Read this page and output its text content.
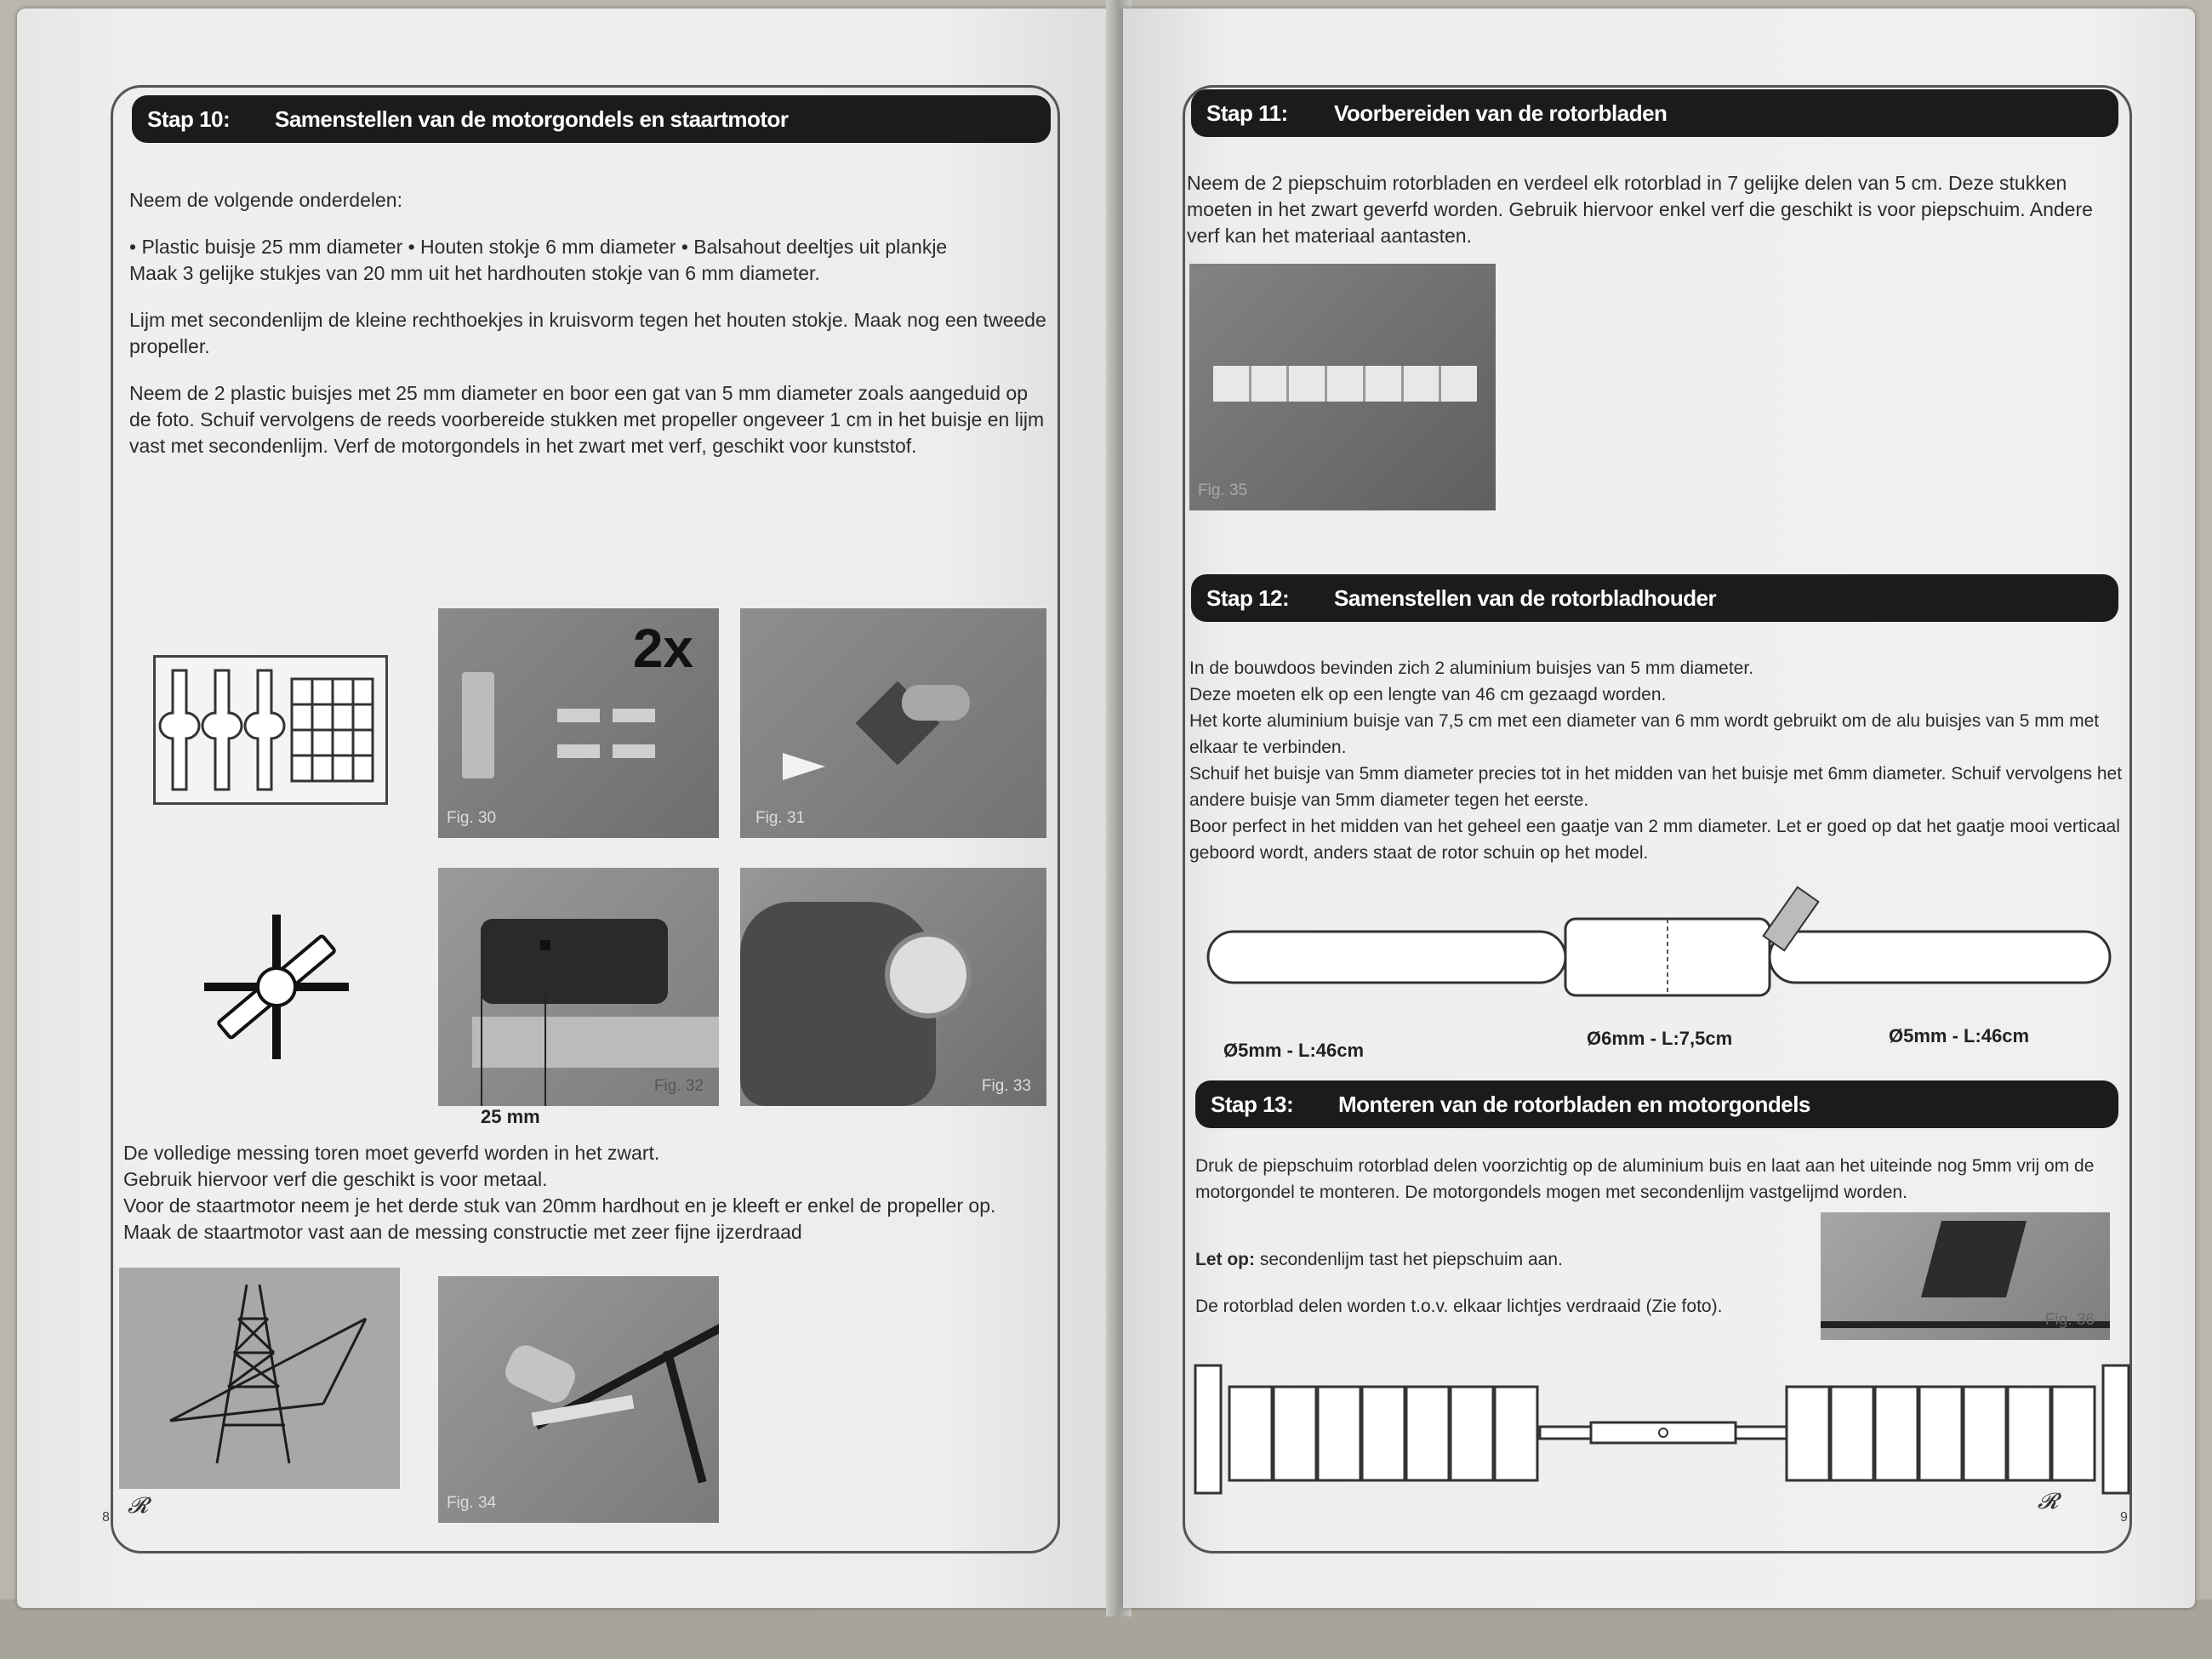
Stap 10:	Samenstellen van de motorgondels en staartmotor

Neem de volgende onderdelen:

• Plastic buisje 25 mm diameter • Houten stokje 6 mm diameter • Balsahout deeltjes uit plankje

Maak 3 gelijke stukjes van 20 mm uit het hardhouten stokje van 6 mm diameter.

Lijm met secondenlijm de kleine rechthoekjes in kruisvorm tegen het houten stokje. Maak nog een tweede propeller.

Neem de 2 plastic buisjes met 25 mm diameter en boor een gat van 5 mm diameter zoals aangeduid op de foto. Schuif vervolgens de reeds voorbereide stukken met propeller ongeveer 1 cm in het buisje en lijm vast met secondenlijm. Verf de motorgondels in het zwart met verf, geschikt voor kunststof.

2x
Fig. 30	Fig. 31
Fig. 32
25 mm
Fig. 33
De volledige messing toren moet geverfd worden in het zwart.
Gebruik hiervoor verf die geschikt is voor metaal.
Voor de staartmotor neem je het derde stuk van 20mm hardhout en je kleeft er enkel de propeller op.
Maak de staartmotor vast aan de messing constructie met zeer fijne ijzerdraad
Fig. 34
8 𝓡
Stap 11:	Voorbereiden van de rotorbladen
Neem de 2 piepschuim rotorbladen en verdeel elk rotorblad in 7 gelijke delen van 5 cm. Deze stukken moeten in het zwart geverfd worden. Gebruik hiervoor enkel verf die geschikt is voor piepschuim. Andere verf kan het materiaal aantasten.
Fig. 35
Stap 12:	Samenstellen van de rotorbladhouder
In de bouwdoos bevinden zich 2 aluminium buisjes van 5 mm diameter.
Deze moeten elk op een lengte van 46 cm gezaagd worden.
Het korte aluminium buisje van 7,5 cm met een diameter van 6 mm wordt gebruikt om de alu buisjes van 5 mm met elkaar te verbinden.
Schuif het buisje van 5mm diameter precies tot in het midden van het buisje met 6mm diameter. Schuif vervolgens het andere buisje van 5mm diameter tegen het eerste.
Boor perfect in het midden van het geheel een gaatje van 2 mm diameter. Let er goed op dat het gaatje mooi verticaal geboord wordt, anders staat de rotor schuin op het model.
Ø5mm - L:46cm
Ø6mm - L:7,5cm	Ø5mm - L:46cm
Stap 13:	Monteren van de rotorbladen en motorgondels
Druk de piepschuim rotorblad delen voorzichtig op de aluminium buis en laat aan het uiteinde nog 5mm vrij om de motorgondel te monteren. De motorgondels mogen met secondenlijm vastgelijmd worden.
Let op: secondenlijm tast het piepschuim aan.
De rotorblad delen worden t.o.v. elkaar lichtjes verdraaid (Zie foto).
Fig. 36
9
𝓡
